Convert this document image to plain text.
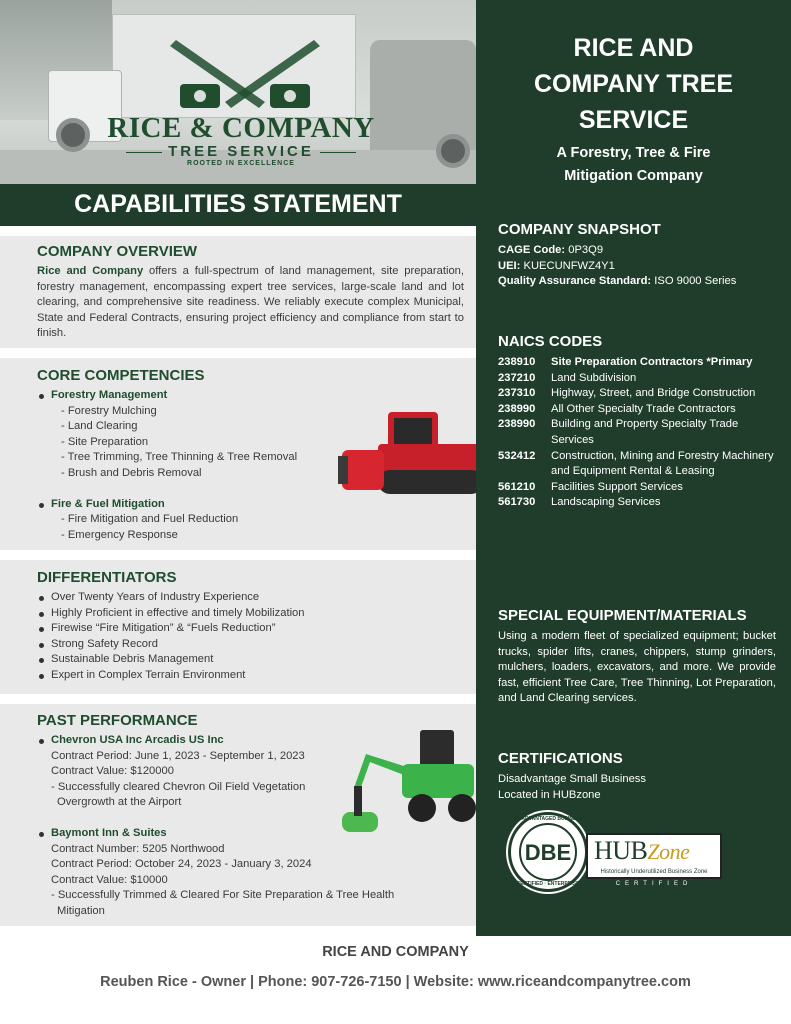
RICE & COMPANY
TREE SERVICE
ROOTED IN EXCELLENCE
CAPABILITIES STATEMENT
COMPANY OVERVIEW

Rice and Company offers a full-spectrum of land management, site preparation, forestry management, encompassing expert tree services, large-scale land and lot clearing, and comprehensive site readiness. We reliably execute complex Municipal, State and Federal Contracts, ensuring project efficiency and compliance from start to finish.

CORE COMPETENCIES
Forestry Management
- Forestry Mulching
- Land Clearing
- Site Preparation
- Tree Trimming, Tree Thinning & Tree Removal
- Brush and Debris Removal
Fire & Fuel Mitigation
- Fire Mitigation and Fuel Reduction
- Emergency Response
DIFFERENTIATORS
Over Twenty Years of Industry Experience
Highly Proficient in effective and timely Mobilization
Firewise “Fire Mitigation” & “Fuels Reduction”
Strong Safety Record
Sustainable Debris Management
Expert in Complex Terrain Environment
PAST PERFORMANCE
Chevron USA Inc Arcadis US Inc
Contract Period: June 1, 2023 - September 1, 2023
Contract Value: $120000
- Successfully cleared Chevron Oil Field Vegetation
Overgrowth at the Airport
Baymont Inn & Suites
Contract Number: 5205 Northwood
Contract Period: October 24, 2023 - January 3, 2024
Contract Value: $10000
- Successfully Trimmed & Cleared For Site Preparation & Tree Health
Mitigation
RICE AND
COMPANY TREE
SERVICE
A Forestry, Tree & Fire
Mitigation Company
COMPANY SNAPSHOT
CAGE Code: 0P3Q9
UEI: KUECUNFWZ4Y1
Quality Assurance Standard: ISO 9000 Series
NAICS CODES
238910	Site Preparation Contractors *Primary
237210	Land Subdivision
237310	Highway, Street, and Bridge Construction
238990	All Other Specialty Trade Contractors
238990	Building and Property Specialty Trade Services
532412	Construction, Mining and Forestry Machinery and Equipment Rental & Leasing
561210	Facilities Support Services
561730	Landscaping Services
SPECIAL EQUIPMENT/MATERIALS
Using a modern fleet of specialized equipment; bucket trucks, spider lifts, cranes, chippers, stump grinders, mulchers, loaders, excavators, and more. We provide fast, efficient Tree Care, Tree Thinning, Lot Preparation, and Land Clearing services.
CERTIFICATIONS
Disadvantage Small Business
Located in HUBzone
DISADVANTAGED BUSINESS
DBE
CERTIFIED · ENTERPRISE
HUBZone
Historically Underutilized Business Zone
CERTIFIED
RICE AND COMPANY
Reuben Rice - Owner | Phone: 907-726-7150 | Website: www.riceandcompanytree.com
